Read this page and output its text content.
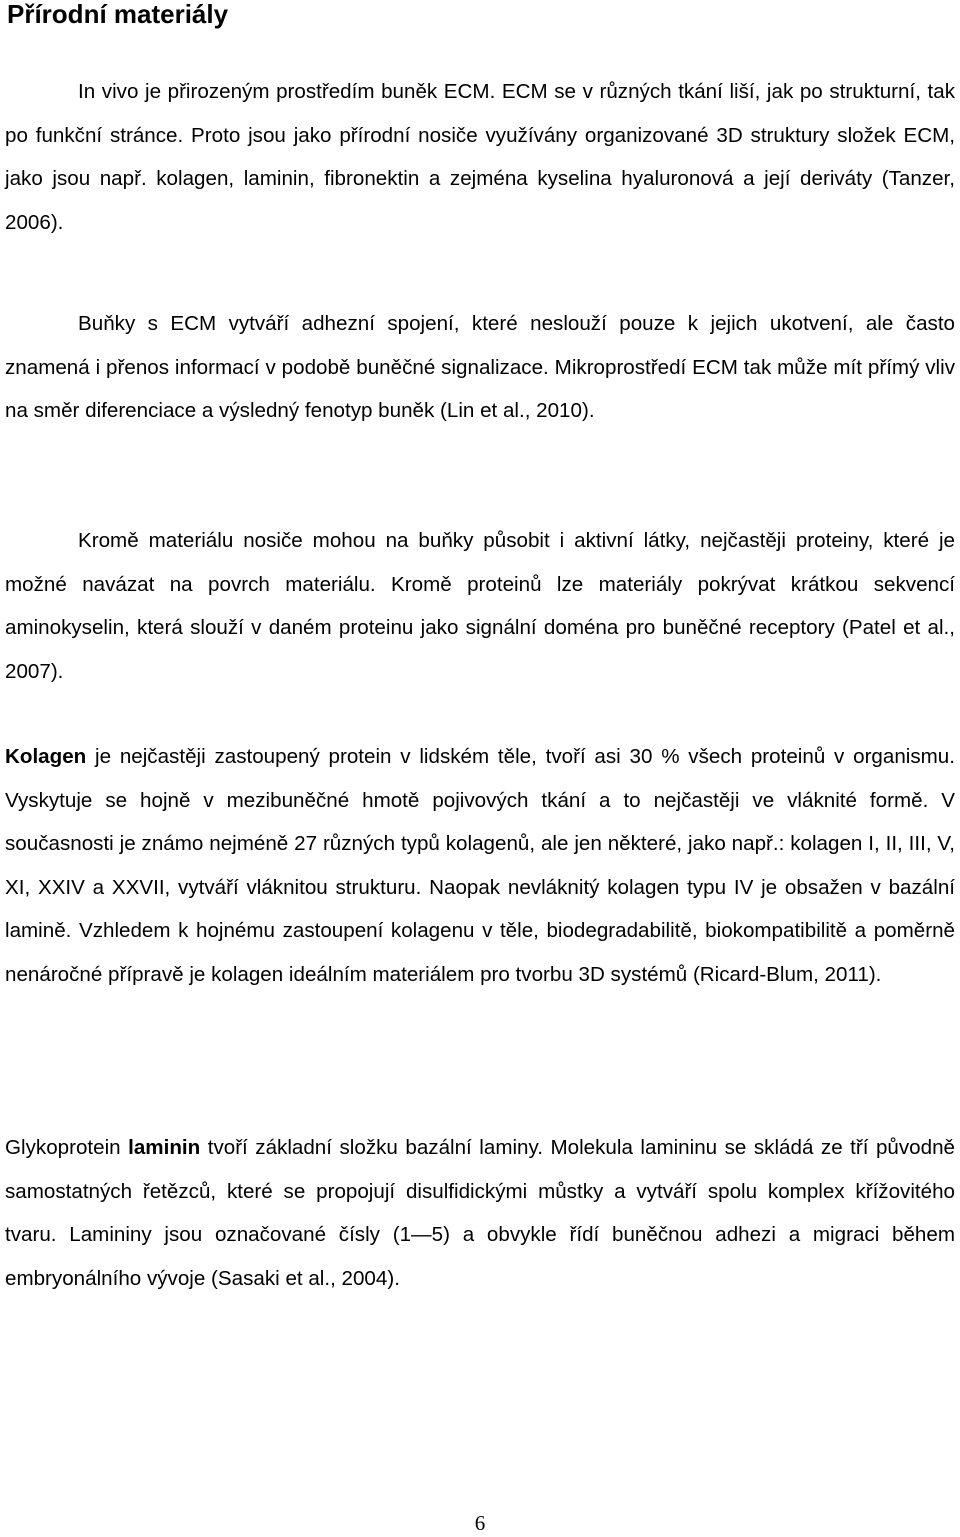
Přírodní materiály

In vivo je přirozeným prostředím buněk ECM. ECM se v různých tkání liší, jak po strukturní, tak po funkční stránce. Proto jsou jako přírodní nosiče využívány organizované 3D struktury složek ECM, jako jsou např. kolagen, laminin, fibronektin a zejména kyselina hyaluronová a její deriváty (Tanzer, 2006).

Buňky s ECM vytváří adhezní spojení, které neslouží pouze k jejich ukotvení, ale často znamená i přenos informací v podobě buněčné signalizace. Mikroprostředí ECM tak může mít přímý vliv na směr diferenciace a výsledný fenotyp buněk (Lin et al., 2010).

Kromě materiálu nosiče mohou na buňky působit i aktivní látky, nejčastěji proteiny, které je možné navázat na povrch materiálu. Kromě proteinů lze materiály pokrývat krátkou sekvencí aminokyselin, která slouží v daném proteinu jako signální doména pro buněčné receptory (Patel et al., 2007).

Kolagen je nejčastěji zastoupený protein v lidském těle, tvoří asi 30 % všech proteinů v organismu. Vyskytuje se hojně v mezibuněčné hmotě pojivových tkání a to nejčastěji ve vláknité formě. V současnosti je známo nejméně 27 různých typů kolagenů, ale jen některé, jako např.: kolagen I, II, III, V, XI, XXIV a XXVII, vytváří vláknitou strukturu. Naopak nevláknitý kolagen typu IV je obsažen v bazální lamině. Vzhledem k hojnému zastoupení kolagenu v těle, biodegradabilitě, biokompatibilitě a poměrně nenáročné přípravě je kolagen ideálním materiálem pro tvorbu 3D systémů (Ricard-Blum, 2011).

Glykoprotein laminin tvoří základní složku bazální laminy. Molekula lamininu se skládá ze tří původně samostatných řetězců, které se propojují disulfidickými můstky a vytváří spolu komplex křížovitého tvaru. Lamininy jsou označované čísly (1—5) a obvykle řídí buněčnou adhezi a migraci během embryonálního vývoje (Sasaki et al., 2004).

6
